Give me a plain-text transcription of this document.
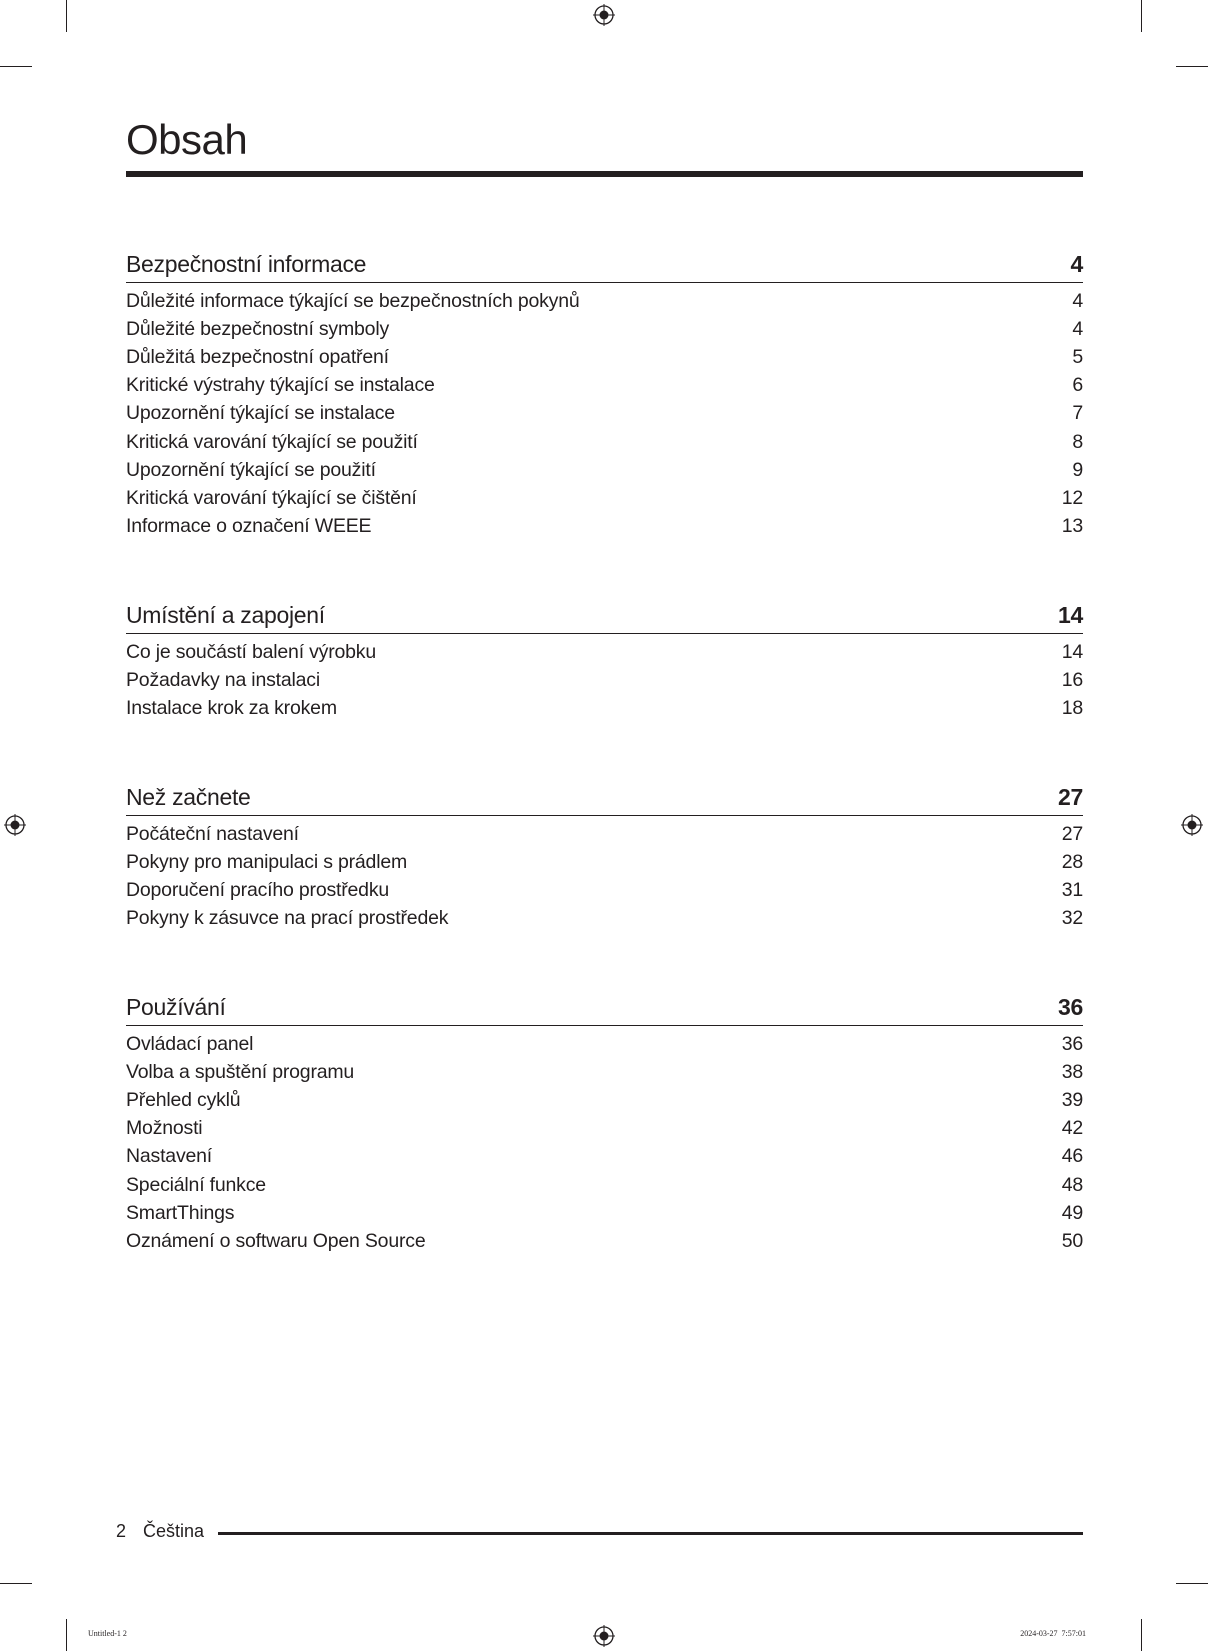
Obsah
Bezpečnostní informace	4
Důležité informace týkající se bezpečnostních pokynů	4
Důležité bezpečnostní symboly	4
Důležitá bezpečnostní opatření	5
Kritické výstrahy týkající se instalace	6
Upozornění týkající se instalace	7
Kritická varování týkající se použití	8
Upozornění týkající se použití	9
Kritická varování týkající se čištění	12
Informace o označení WEEE	13
Umístění a zapojení	14
Co je součástí balení výrobku	14
Požadavky na instalaci	16
Instalace krok za krokem	18
Než začnete	27
Počáteční nastavení	27
Pokyny pro manipulaci s prádlem	28
Doporučení pracího prostředku	31
Pokyny k zásuvce na prací prostředek	32
Používání	36
Ovládací panel	36
Volba a spuštění programu	38
Přehled cyklů	39
Možnosti	42
Nastavení	46
Speciální funkce	48
SmartThings	49
Oznámení o softwaru Open Source	50
2 Čeština
Untitled-1 2	2024-03-27  7:57:01
